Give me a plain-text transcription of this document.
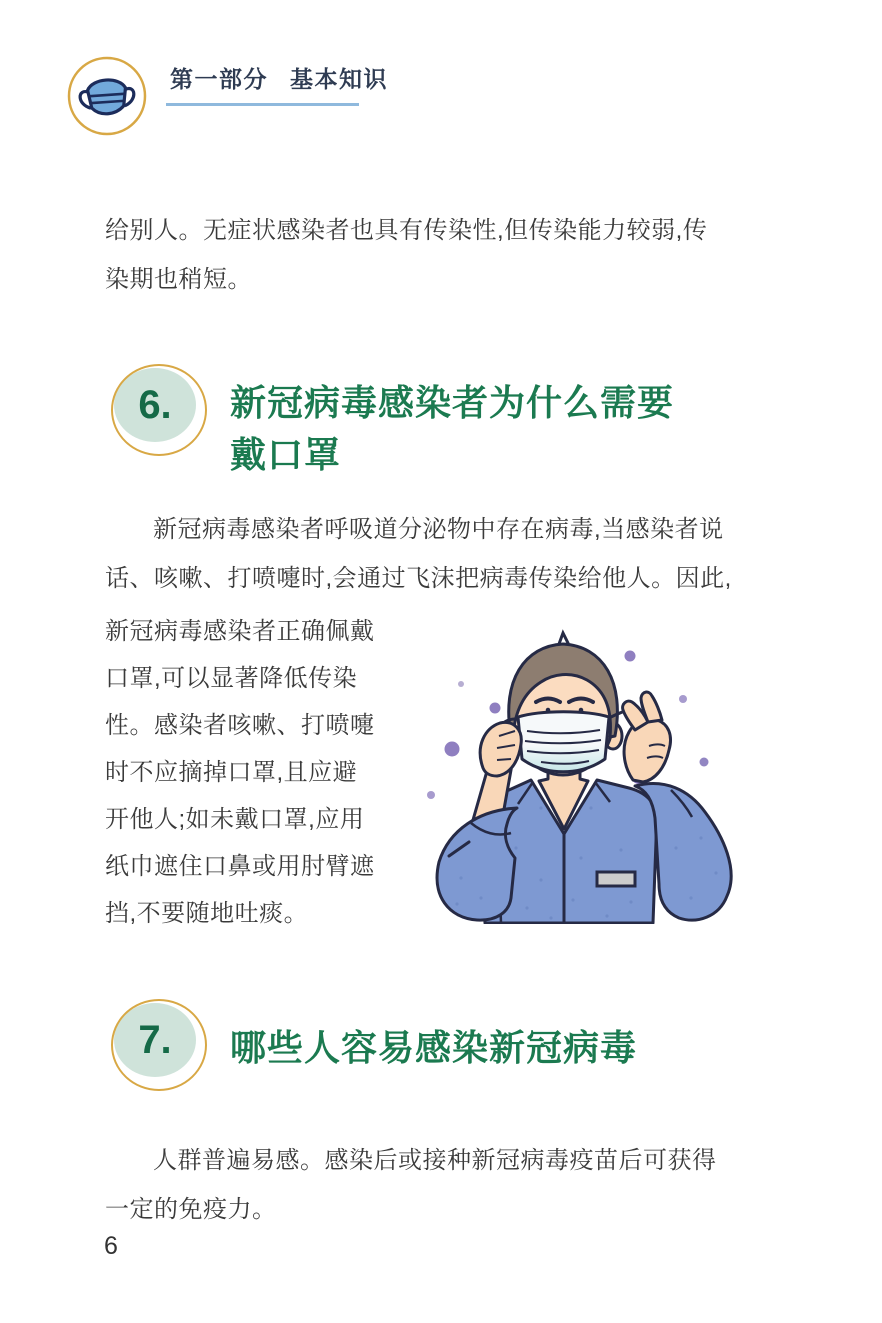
第一部分 基本知识

给别人。无症状感染者也具有传染性,但传染能力较弱,传
染期也稍短。

6. 新冠病毒感染者为什么需要
戴口罩

新冠病毒感染者呼吸道分泌物中存在病毒,当感染者说
话、咳嗽、打喷嚏时,会通过飞沫把病毒传染给他人。因此,

新冠病毒感染者正确佩戴
口罩,可以显著降低传染
性。感染者咳嗽、打喷嚏
时不应摘掉口罩,且应避
开他人;如未戴口罩,应用
纸巾遮住口鼻或用肘臂遮
挡,不要随地吐痰。

7. 哪些人容易感染新冠病毒

人群普遍易感。感染后或接种新冠病毒疫苗后可获得
一定的免疫力。

6
